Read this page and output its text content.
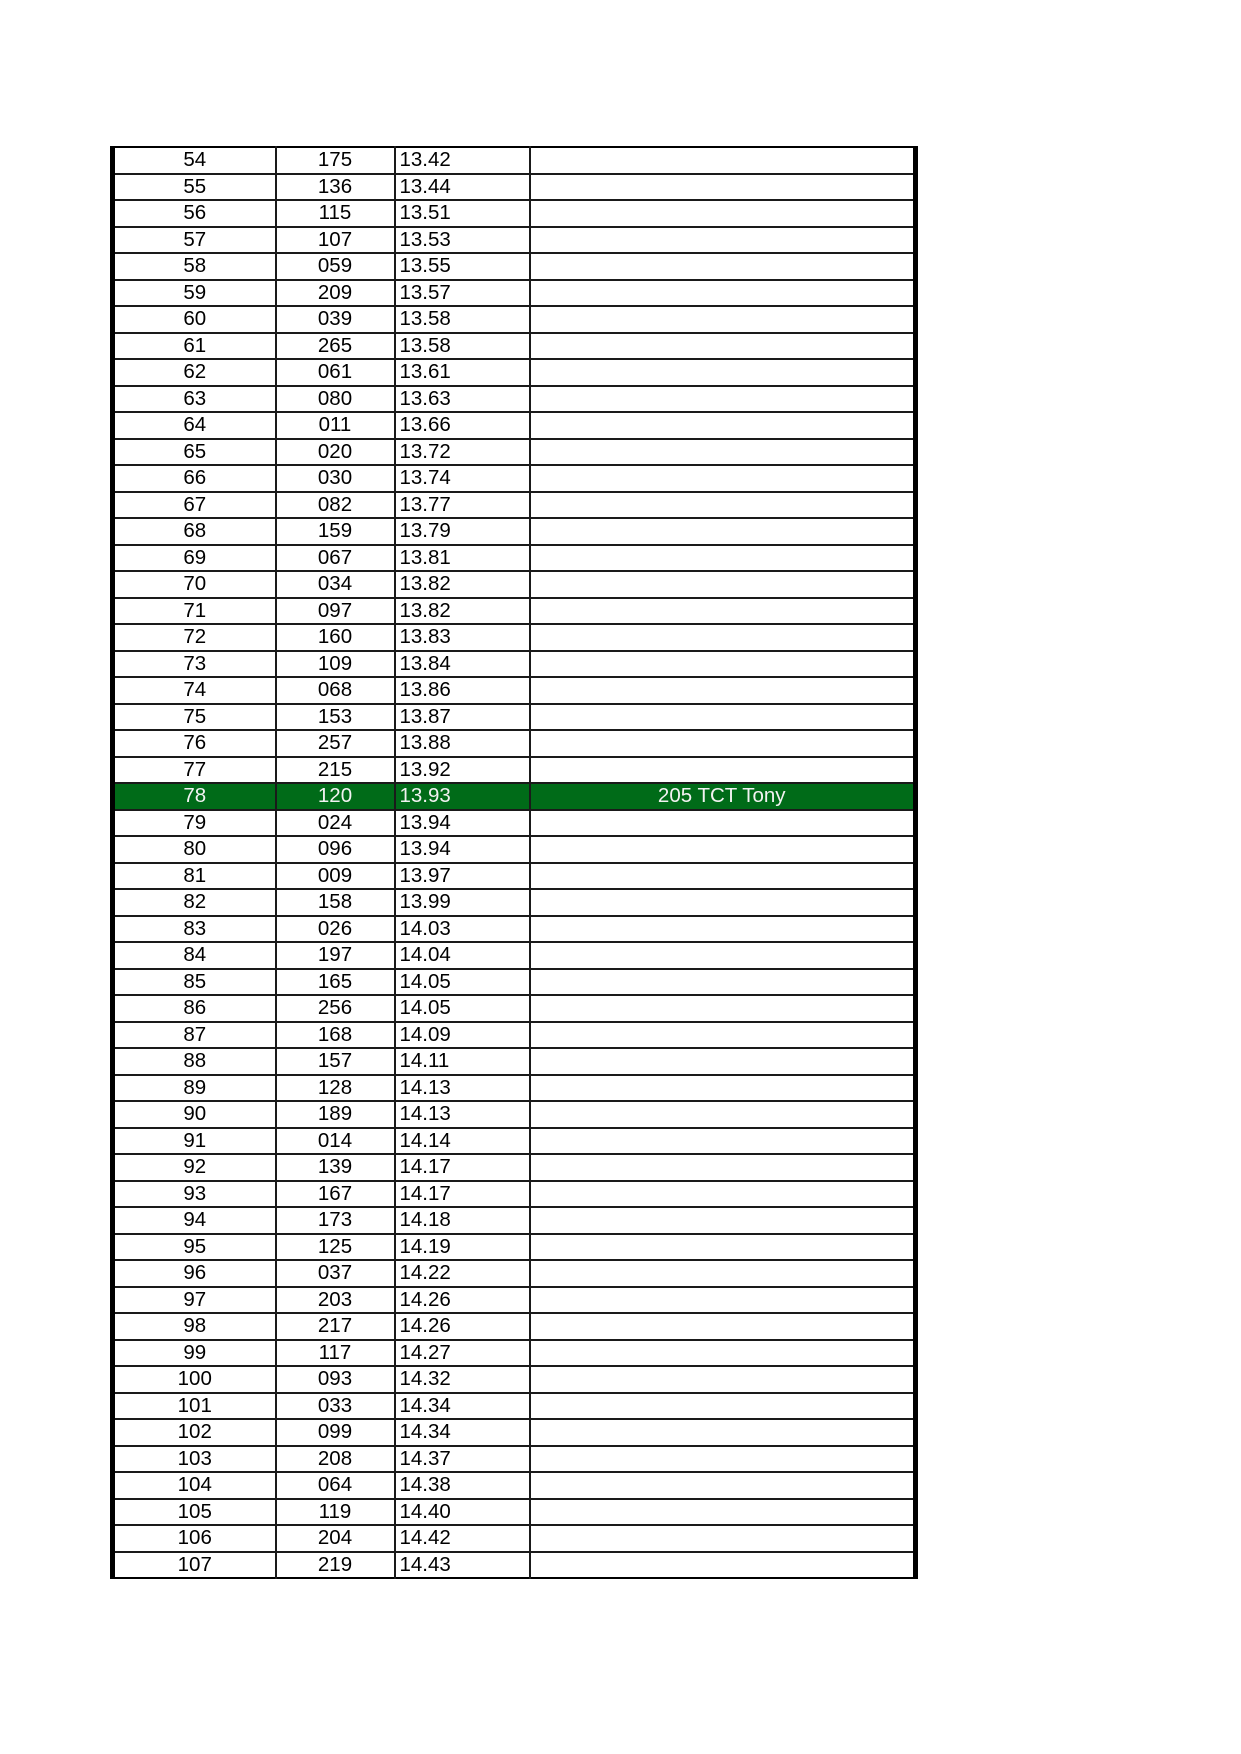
54	175	13.42	
55	136	13.44	
56	115	13.51	
57	107	13.53	
58	059	13.55	
59	209	13.57	
60	039	13.58	
61	265	13.58	
62	061	13.61	
63	080	13.63	
64	011	13.66	
65	020	13.72	
66	030	13.74	
67	082	13.77	
68	159	13.79	
69	067	13.81	
70	034	13.82	
71	097	13.82	
72	160	13.83	
73	109	13.84	
74	068	13.86	
75	153	13.87	
76	257	13.88	
77	215	13.92	
78	120	13.93	205 TCT Tony
79	024	13.94	
80	096	13.94	
81	009	13.97	
82	158	13.99	
83	026	14.03	
84	197	14.04	
85	165	14.05	
86	256	14.05	
87	168	14.09	
88	157	14.11	
89	128	14.13	
90	189	14.13	
91	014	14.14	
92	139	14.17	
93	167	14.17	
94	173	14.18	
95	125	14.19	
96	037	14.22	
97	203	14.26	
98	217	14.26	
99	117	14.27	
100	093	14.32	
101	033	14.34	
102	099	14.34	
103	208	14.37	
104	064	14.38	
105	119	14.40	
106	204	14.42	
107	219	14.43	
